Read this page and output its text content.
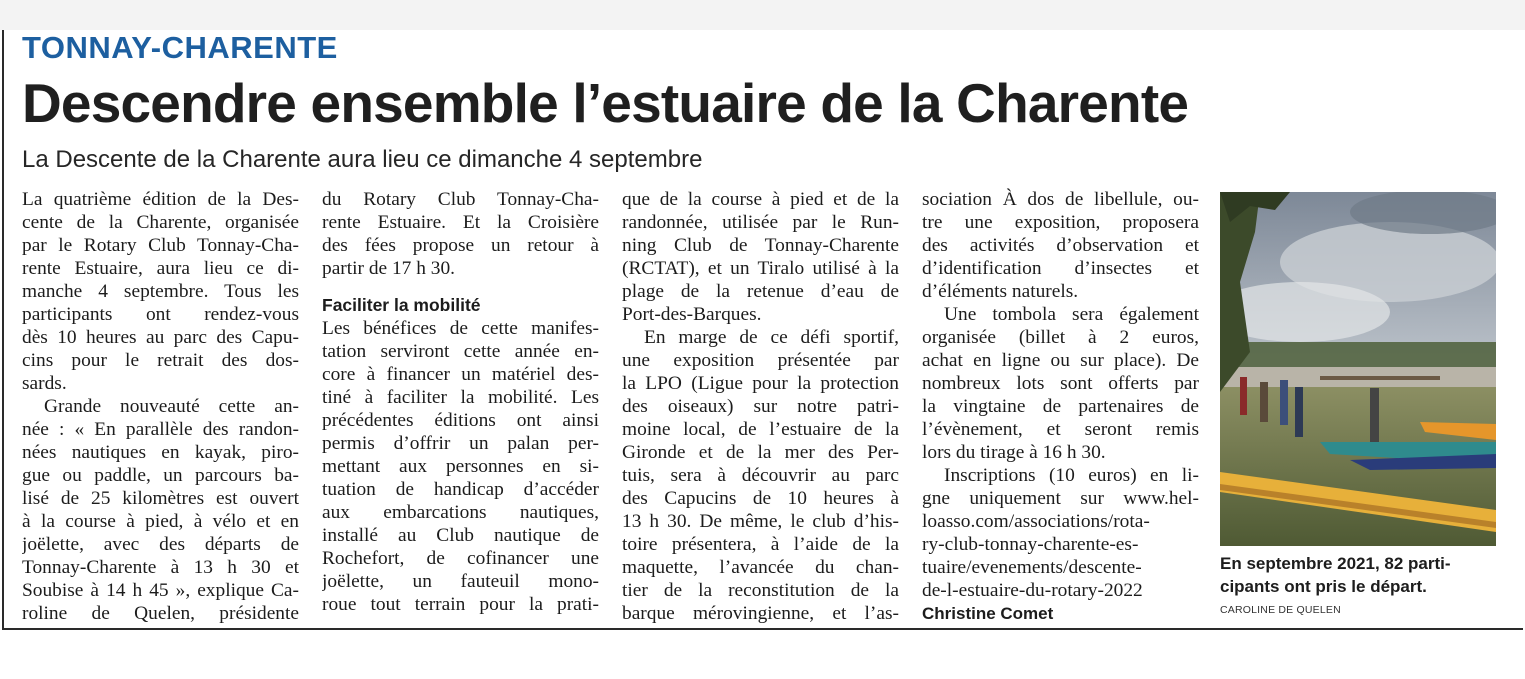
TONNAY-CHARENTE
Descendre ensemble l’estuaire de la Charente
La Descente de la Charente aura lieu ce dimanche 4 septembre
La quatrième édition de la Des-
cente de la Charente, organisée
par le Rotary Club Tonnay-Cha-
rente Estuaire, aura lieu ce di-
manche 4 septembre. Tous les
participants ont rendez-vous
dès 10 heures au parc des Capu-
cins pour le retrait des dos-
sards.
Grande nouveauté cette an-
née : « En parallèle des randon-
nées nautiques en kayak, piro-
gue ou paddle, un parcours ba-
lisé de 25 kilomètres est ouvert
à la course à pied, à vélo et en
joëlette, avec des départs de
Tonnay-Charente à 13 h 30 et
Soubise à 14 h 45 », explique Ca-
roline de Quelen, présidente
du Rotary Club Tonnay-Cha-
rente Estuaire. Et la Croisière
des fées propose un retour à
partir de 17 h 30.
Faciliter la mobilité
Les bénéfices de cette manifes-
tation serviront cette année en-
core à financer un matériel des-
tiné à faciliter la mobilité. Les
précédentes éditions ont ainsi
permis d’offrir un palan per-
mettant aux personnes en si-
tuation de handicap d’accéder
aux embarcations nautiques,
installé au Club nautique de
Rochefort, de cofinancer une
joëlette, un fauteuil mono-
roue tout terrain pour la prati-
que de la course à pied et de la
randonnée, utilisée par le Run-
ning Club de Tonnay-Charente
(RCTAT), et un Tiralo utilisé à la
plage de la retenue d’eau de
Port-des-Barques.
En marge de ce défi sportif,
une exposition présentée par
la LPO (Ligue pour la protection
des oiseaux) sur notre patri-
moine local, de l’estuaire de la
Gironde et de la mer des Per-
tuis, sera à découvrir au parc
des Capucins de 10 heures à
13 h 30. De même, le club d’his-
toire présentera, à l’aide de la
maquette, l’avancée du chan-
tier de la reconstitution de la
barque mérovingienne, et l’as-
sociation À dos de libellule, ou-
tre une exposition, proposera
des activités d’observation et
d’identification d’insectes et
d’éléments naturels.
Une tombola sera également
organisée (billet à 2 euros,
achat en ligne ou sur place). De
nombreux lots sont offerts par
la vingtaine de partenaires de
l’évènement, et seront remis
lors du tirage à 16 h 30.
Inscriptions (10 euros) en li-
gne uniquement sur www.hel-
loasso.com/associations/rota-
ry-club-tonnay-charente-es-
tuaire/evenements/descente-
de-l-estuaire-du-rotary-2022
Christine Comet
En septembre 2021, 82 parti-
cipants ont pris le départ.
CAROLINE DE QUELEN
